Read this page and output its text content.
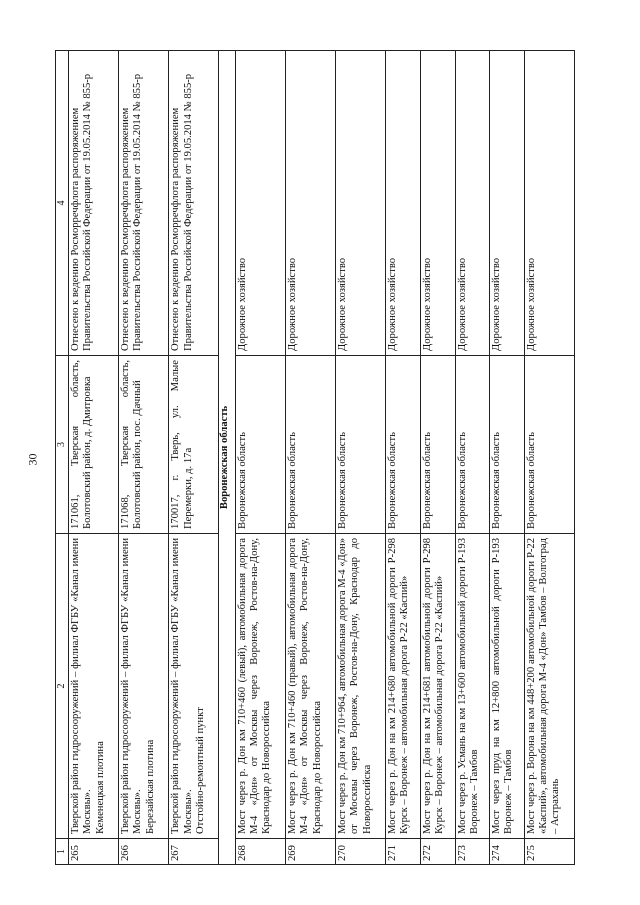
30
1	2	3	4
265	Тверской район гидросооружений – филиал ФГБУ «Канал имени Москвы». Кеменецкая плотина	171061, Тверская область, Болотовский район, д. Дмитровка	Отнесено к ведению Росморречфлота распоряжением Правительства Российской Федерации от 19.05.2014 № 855-р
266	Тверской район гидросооружений – филиал ФГБУ «Канал имени Москвы». Березайская плотина	171068, Тверская область, Болотовский район, пос. Дачный	Отнесено к ведению Росморречфлота распоряжением Правительства Российской Федерации от 19.05.2014 № 855-р
267	Тверской район гидросооружений – филиал ФГБУ «Канал имени Москвы». Отстойно-ремонтный пункт	170017, г. Тверь, ул. Малые Перемерки, д. 17а	Отнесено к ведению Росморречфлота распоряжением Правительства Российской Федерации от 19.05.2014 № 855-р
Воронежская область			
268	Мост через р. Дон км 710+460 (левый), автомобильная дорога М-4 «Дон» от Москвы через Воронеж, Ростов-на-Дону, Краснодар до Новороссийска	Воронежская область	Дорожное хозяйство
269	Мост через р. Дон км 710+460 (правый), автомобильная дорога М-4 «Дон» от Москвы через Воронеж, Ростов-на-Дону, Краснодар до Новороссийска	Воронежская область	Дорожное хозяйство
270	Мост через р. Дон км 710+964, автомобильная дорога М-4 «Дон» от Москвы через Воронеж, Ростов-на-Дону, Краснодар до Новороссийска	Воронежская область	Дорожное хозяйство
271	Мост через р. Дон на км 214+680 автомобильной дороги Р-298 Курск – Воронеж – автомобильная дорога Р-22 «Каспий»	Воронежская область	Дорожное хозяйство
272	Мост через р. Дон на км 214+681 автомобильной дороги Р-298 Курск – Воронеж – автомобильная дорога Р-22 «Каспий»	Воронежская область	Дорожное хозяйство
273	Мост через р. Усмань на км 13+600 автомобильной дороги Р-193 Воронеж – Тамбов	Воронежская область	Дорожное хозяйство
274	Мост через пруд на км 12+800 автомобильной дороги Р-193 Воронеж – Тамбов	Воронежская область	Дорожное хозяйство
275	Мост через р. Ворона на км 448+200 автомобильной дороги Р-22 «Каспий», автомобильная дорога М-4 «Дон» Тамбов – Волгоград – Астрахань	Воронежская область	Дорожное хозяйство
